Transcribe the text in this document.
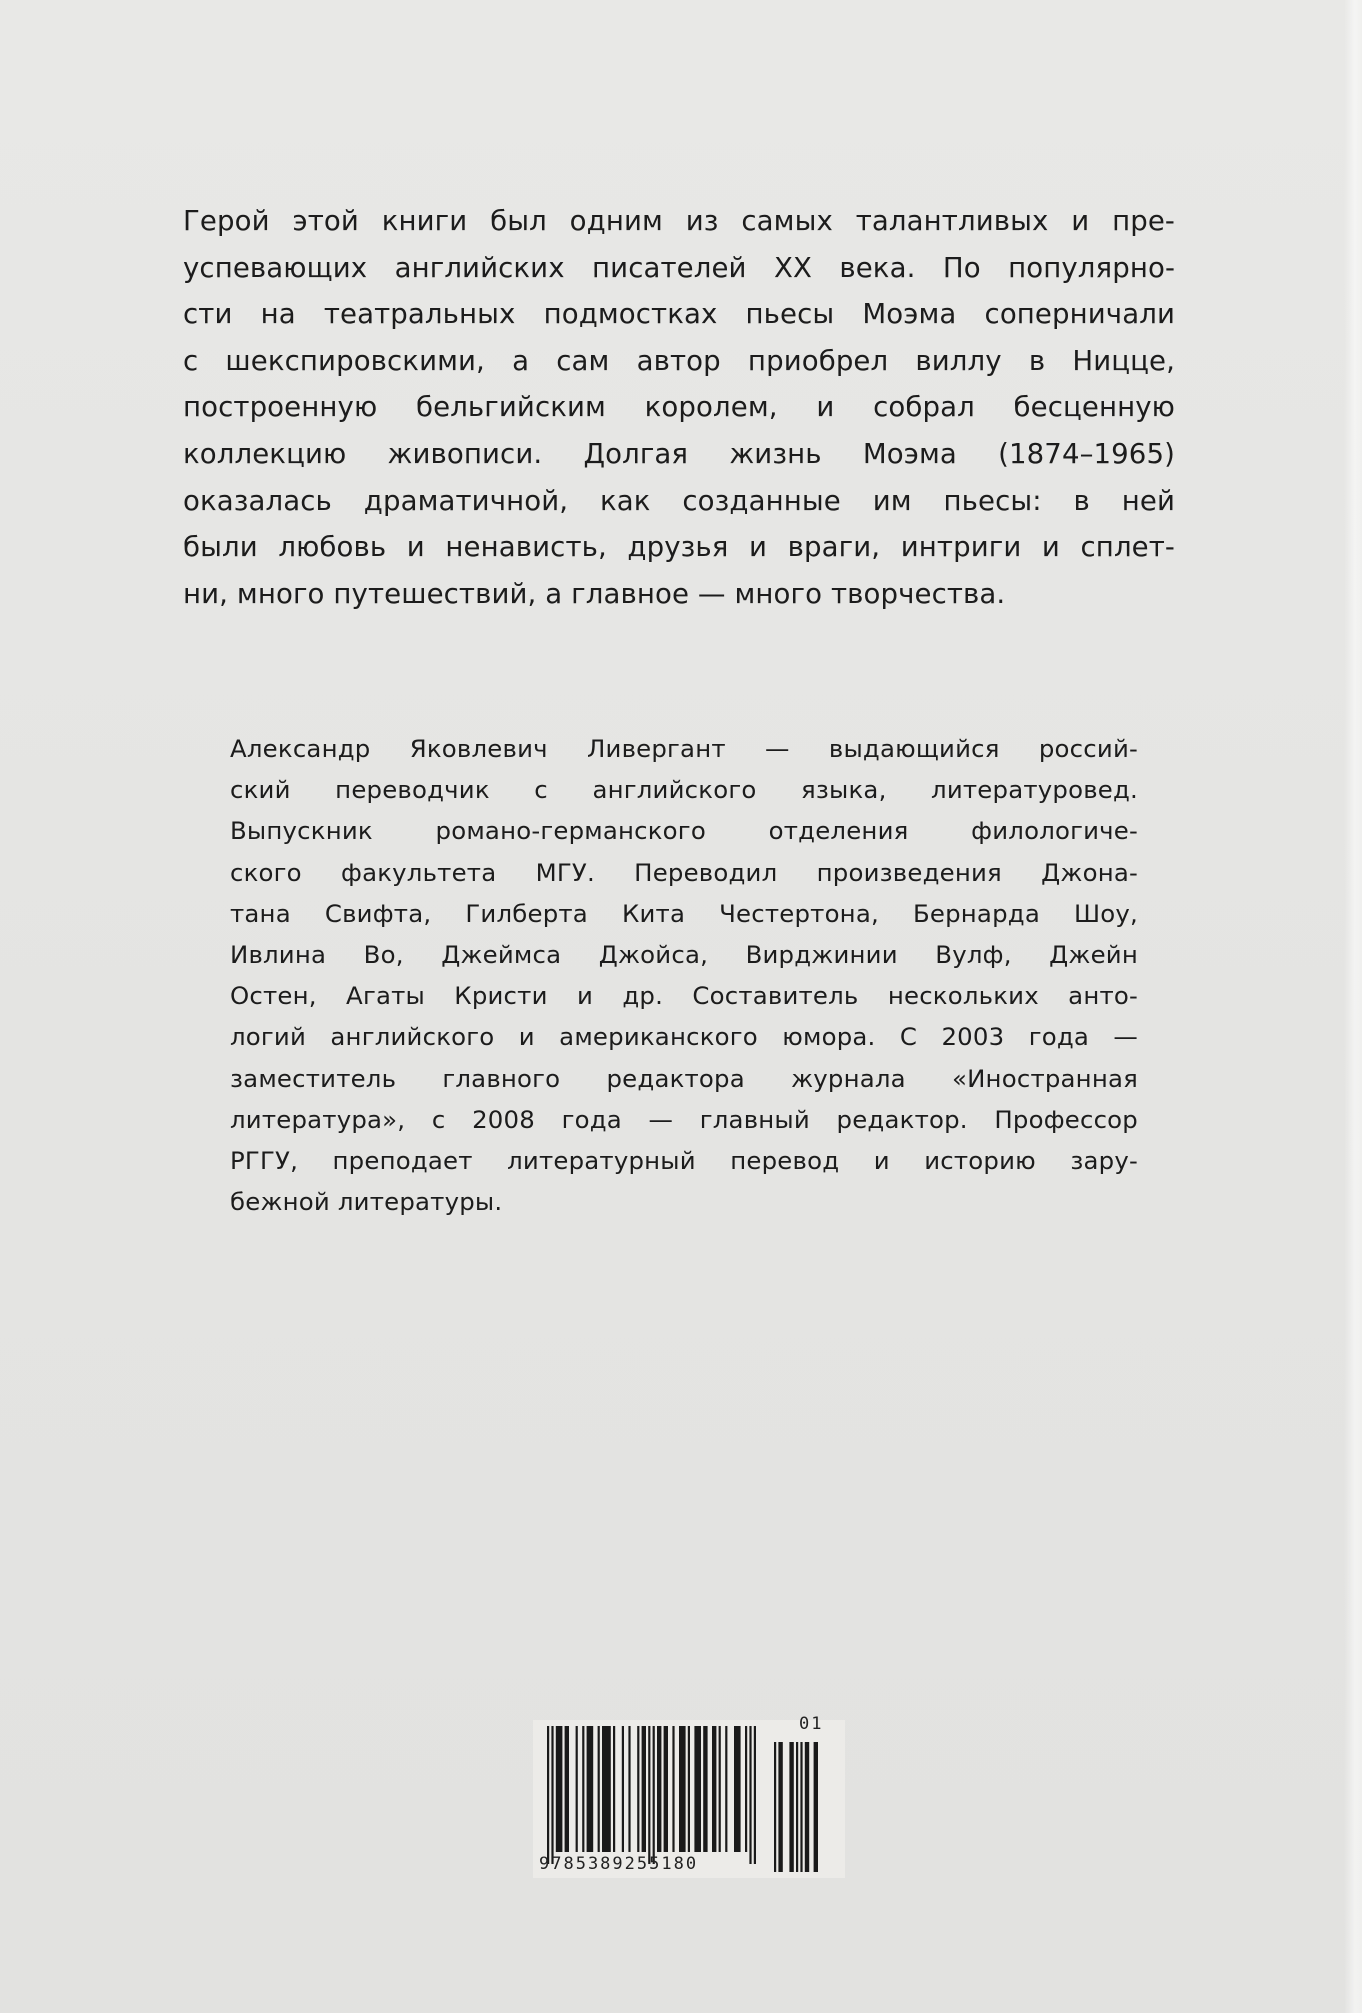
Герой этой книги был одним из самых талантливых и пре-
успевающих английских писателей XX века. По популярно-
сти на театральных подмостках пьесы Моэма соперничали
с шекспировскими, а сам автор приобрел виллу в Ницце,
построенную бельгийским королем, и собрал бесценную
коллекцию живописи. Долгая жизнь Моэма (1874–1965)
оказалась драматичной, как созданные им пьесы: в ней
были любовь и ненависть, друзья и враги, интриги и сплет-
ни, много путешествий, а главное — много творчества.
Александр Яковлевич Ливергант — выдающийся россий-
ский переводчик с английского языка, литературовед.
Выпускник романо-германского отделения филологиче-
ского факультета МГУ. Переводил произведения Джона-
тана Свифта, Гилберта Кита Честертона, Бернарда Шоу,
Ивлина Во, Джеймса Джойса, Вирджинии Вулф, Джейн
Остен, Агаты Кристи и др. Составитель нескольких анто-
логий английского и американского юмора. С 2003 года —
заместитель главного редактора журнала «Иностранная
литература», с 2008 года — главный редактор. Профессор
РГГУ, преподает литературный перевод и историю зару-
бежной литературы.
9785389255180
01
